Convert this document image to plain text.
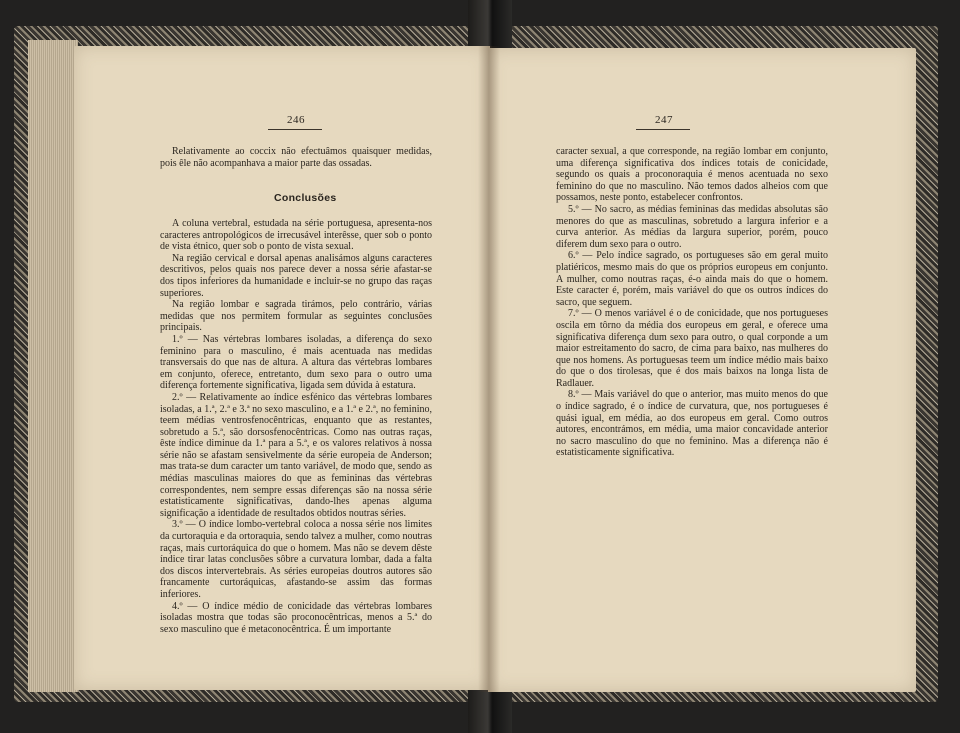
246

Relativamente ao coccix não efectuâmos quaisquer medidas, pois êle não acompanhava a maior parte das ossadas.

Conclusões

A coluna vertebral, estudada na série portuguesa, apresenta-nos caracteres antropológicos de irrecusável interêsse, quer sob o ponto de vista étnico, quer sob o ponto de vista sexual.

Na região cervical e dorsal apenas analisámos alguns caracteres descritivos, pelos quais nos parece dever a nossa série afastar-se dos tipos inferiores da humanidade e incluir-se no grupo das raças superiores.

Na região lombar e sagrada tirámos, pelo contrário, várias medidas que nos permitem formular as seguintes conclusões principais.

1.º — Nas vértebras lombares isoladas, a diferença do sexo feminino para o masculino, é mais acentuada nas medidas transversais do que nas de altura. A altura das vértebras lombares em conjunto, oferece, entretanto, dum sexo para o outro uma diferença fortemente significativa, ligada sem dúvida à estatura.

2.º — Relativamente ao índice esfénico das vértebras lombares isoladas, a 1.ª, 2.ª e 3.ª no sexo masculino, e a 1.ª e 2.ª, no feminino, teem médias ventrosfenocêntricas, enquanto que as restantes, sobretudo a 5.ª, são dorsosfenocêntricas. Como nas outras raças, êste índice diminue da 1.ª para a 5.ª, e os valores relativos à nossa série não se afastam sensìvelmente da série europeia de Anderson; mas trata-se dum caracter um tanto variável, de modo que, sendo as médias masculinas maiores do que as femininas das vértebras correspondentes, nem sempre essas diferenças são na nossa série estatisticamente significativas, dando-lhes apenas alguma significação a identidade de resultados obtidos noutras séries.

3.º — O índice lombo-vertebral coloca a nossa série nos limites da curtoraquia e da ortoraquia, sendo talvez a mulher, como noutras raças, mais curtoráquica do que o homem. Mas não se devem dêste índice tirar latas conclusões sôbre a curvatura lombar, dada a falta dos discos intervertebrais. As séries europeias doutros autores são francamente curtoráquicas, afastando-se assim das formas inferiores.

4.º — O índice médio de conicidade das vértebras lombares isoladas mostra que todas são proconocêntricas, menos a 5.ª do sexo masculino que é metaconocêntrica. É um importante

247

caracter sexual, a que corresponde, na região lombar em conjunto, uma diferença significativa dos índices totais de conicidade, segundo os quais a proconoraquia é menos acentuada no sexo feminino do que no masculino. Não temos dados alheios com que possamos, neste ponto, estabelecer confrontos.

5.º — No sacro, as médias femininas das medidas absolutas são menores do que as masculinas, sobretudo a largura inferior e a curva anterior. As médias da largura superior, porém, pouco diferem dum sexo para o outro.

6.º — Pelo índice sagrado, os portugueses são em geral muito platiéricos, mesmo mais do que os próprios europeus em conjunto. A mulher, como noutras raças, é-o ainda mais do que o homem. Este caracter é, porém, mais variável do que os outros índices do sacro, que seguem.

7.º — O menos variável é o de conicidade, que nos portugueses oscila em tôrno da média dos europeus em geral, e oferece uma significativa diferença dum sexo para outro, o qual corponde a um maior estreitamento do sacro, de cima para baixo, nas mulheres do que nos homens. As portuguesas teem um índice médio mais baixo do que o dos tirolesas, que é dos mais baixos na longa lista de Radlauer.

8.º — Mais variável do que o anterior, mas muito menos do que o índice sagrado, é o índice de curvatura, que, nos portugueses é quási igual, em média, ao dos europeus em geral. Como outros autores, encontrámos, em média, uma maior concavidade anterior no sacro masculino do que no feminino. Mas a diferença não é estatìsticamente significativa.
